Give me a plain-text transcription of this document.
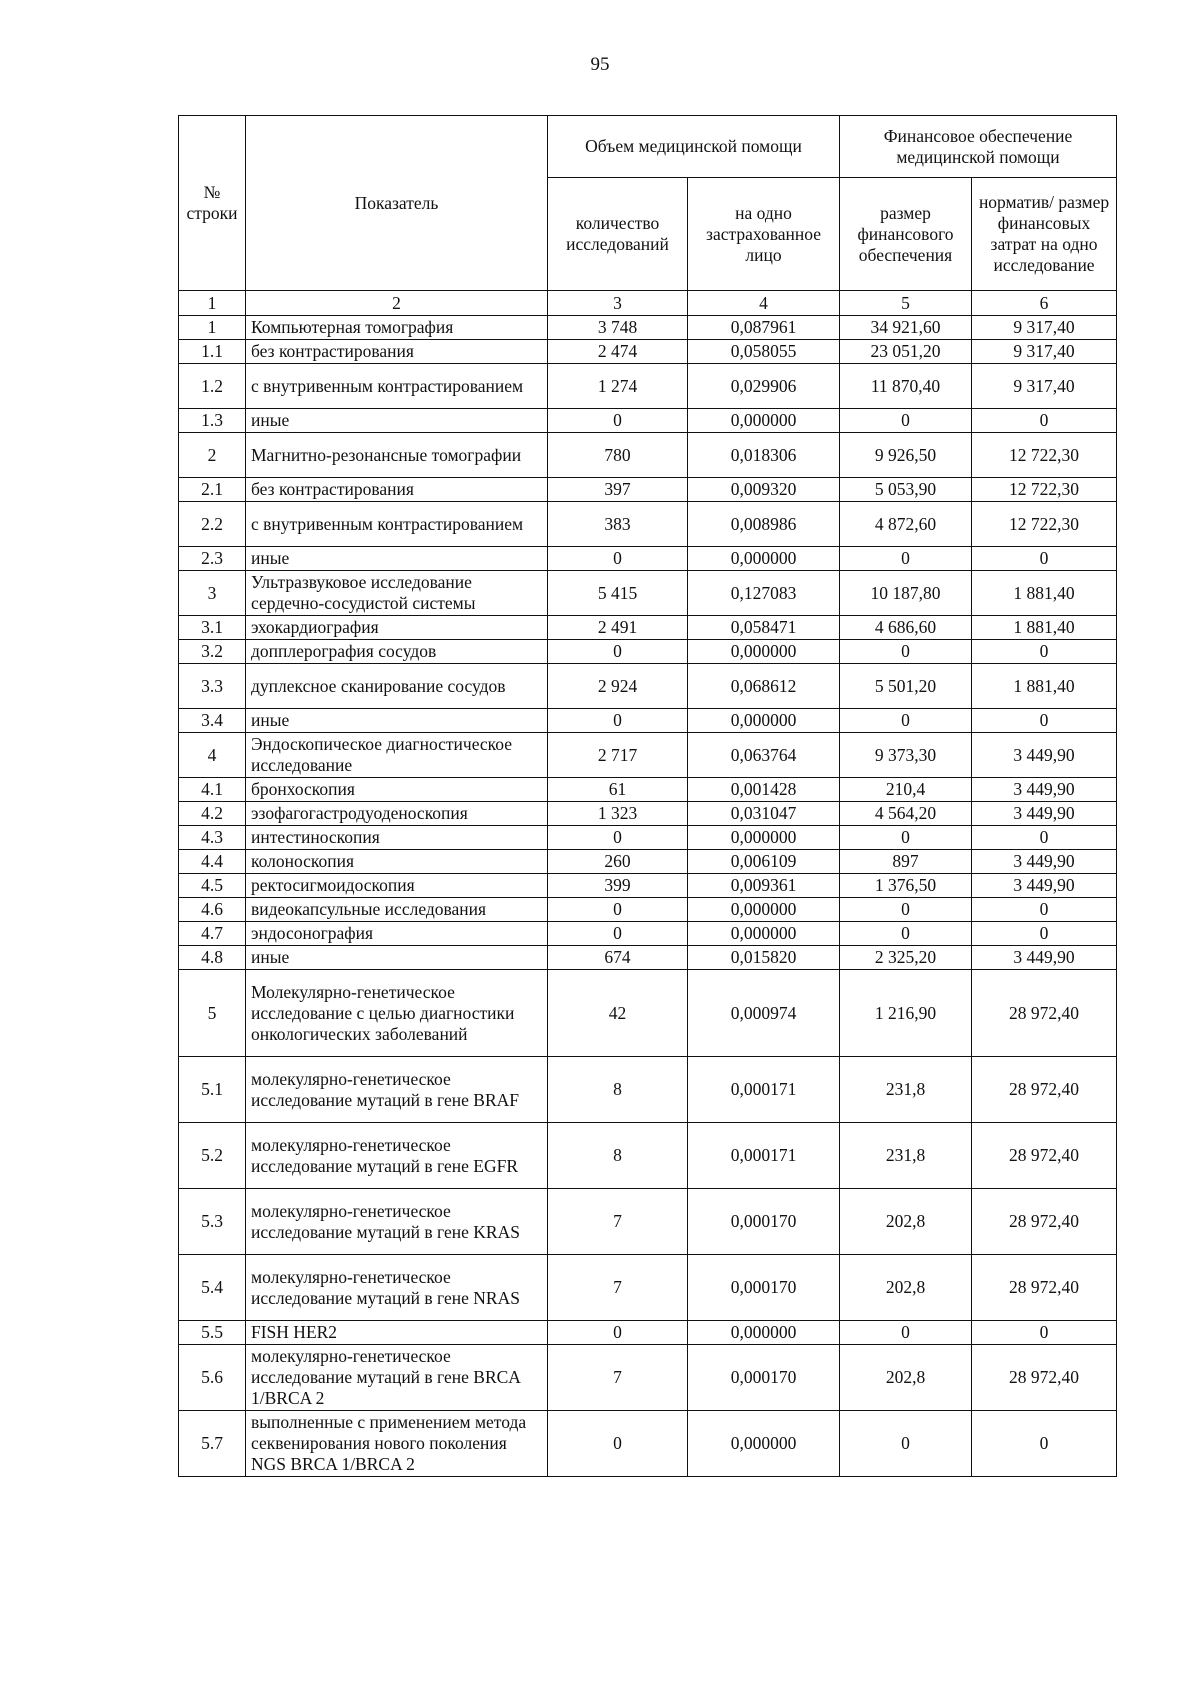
95
№ строки	Показатель	Объем медицинской помощи		Финансовое обеспечение медицинской помощи	
		количество исследований	на одно застрахованное лицо	размер финансового обеспечения	норматив/ размер финансовых затрат на одно исследование
1	2	3	4	5	6
1	Компьютерная томография	3 748	0,087961	34 921,60	9 317,40
1.1	без контрастирования	2 474	0,058055	23 051,20	9 317,40
1.2	с внутривенным контрастированием	1 274	0,029906	11 870,40	9 317,40
1.3	иные	0	0,000000	0	0
2	Магнитно-резонансные томографии	780	0,018306	9 926,50	12 722,30
2.1	без контрастирования	397	0,009320	5 053,90	12 722,30
2.2	с внутривенным контрастированием	383	0,008986	4 872,60	12 722,30
2.3	иные	0	0,000000	0	0
3	Ультразвуковое исследование сердечно-сосудистой системы	5 415	0,127083	10 187,80	1 881,40
3.1	эхокардиография	2 491	0,058471	4 686,60	1 881,40
3.2	допплерография сосудов	0	0,000000	0	0
3.3	дуплексное сканирование сосудов	2 924	0,068612	5 501,20	1 881,40
3.4	иные	0	0,000000	0	0
4	Эндоскопическое диагностическое исследование	2 717	0,063764	9 373,30	3 449,90
4.1	бронхоскопия	61	0,001428	210,4	3 449,90
4.2	эзофагогастродуоденоскопия	1 323	0,031047	4 564,20	3 449,90
4.3	интестиноскопия	0	0,000000	0	0
4.4	колоноскопия	260	0,006109	897	3 449,90
4.5	ректосигмоидоскопия	399	0,009361	1 376,50	3 449,90
4.6	видеокапсульные исследования	0	0,000000	0	0
4.7	эндосонография	0	0,000000	0	0
4.8	иные	674	0,015820	2 325,20	3 449,90
5	Молекулярно-генетическое исследование с целью диагностики онкологических заболеваний	42	0,000974	1 216,90	28 972,40
5.1	молекулярно-генетическое исследование мутаций в гене BRAF	8	0,000171	231,8	28 972,40
5.2	молекулярно-генетическое исследование мутаций в гене EGFR	8	0,000171	231,8	28 972,40
5.3	молекулярно-генетическое исследование мутаций в гене KRAS	7	0,000170	202,8	28 972,40
5.4	молекулярно-генетическое исследование мутаций в гене NRAS	7	0,000170	202,8	28 972,40
5.5	FISH HER2	0	0,000000	0	0
5.6	молекулярно-генетическое исследование мутаций в гене BRCA 1/BRCA 2	7	0,000170	202,8	28 972,40
5.7	выполненные с применением метода секвенирования нового поколения NGS BRCA 1/BRCA 2	0	0,000000	0	0
